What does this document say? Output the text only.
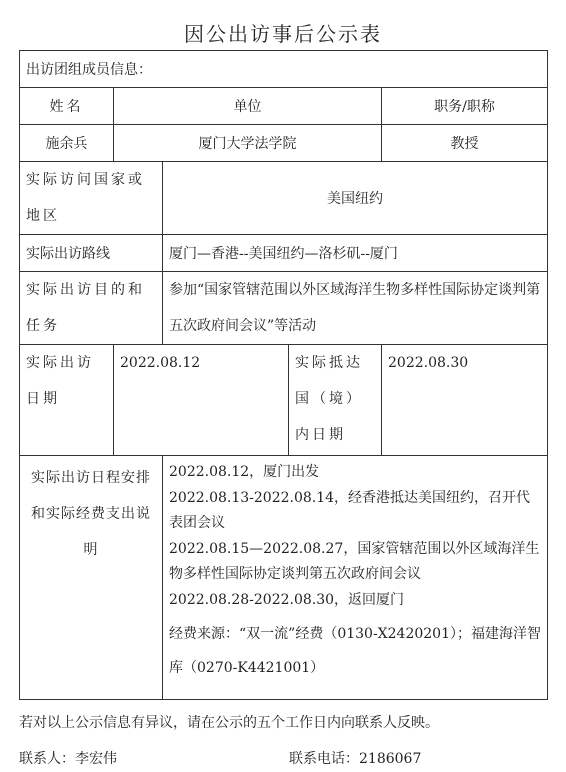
因公出访事后公示表
出访团组成员信息：				
姓名	单位			职务/职称
施余兵	厦门大学法学院			教授
实际访问国家或地区		美国纽约		
实际出访路线		厦门—香港--美国纽约—洛杉矶--厦门		
实际出访目的和任务		参加“国家管辖范围以外区域海洋生物多样性国际协定谈判第五次政府间会议”等活动		
实际出访日期	2022.08.12		实际抵达国（境）内日期	2022.08.30
实际出访日程安排和实际经费支出说明		2022.08.12，厦门出发
2022.08.13-2022.08.14，经香港抵达美国纽约，召开代表团会议
2022.08.15—2022.08.27，国家管辖范围以外区域海洋生物多样性国际协定谈判第五次政府间会议
2022.08.28-2022.08.30，返回厦门
经费来源：“双一流”经费（0130-X2420201）；福建海洋智库（0270-K4421001）		
若对以上公示信息有异议，请在公示的五个工作日内向联系人反映。
联系人：李宏伟	联系电话：2186067
